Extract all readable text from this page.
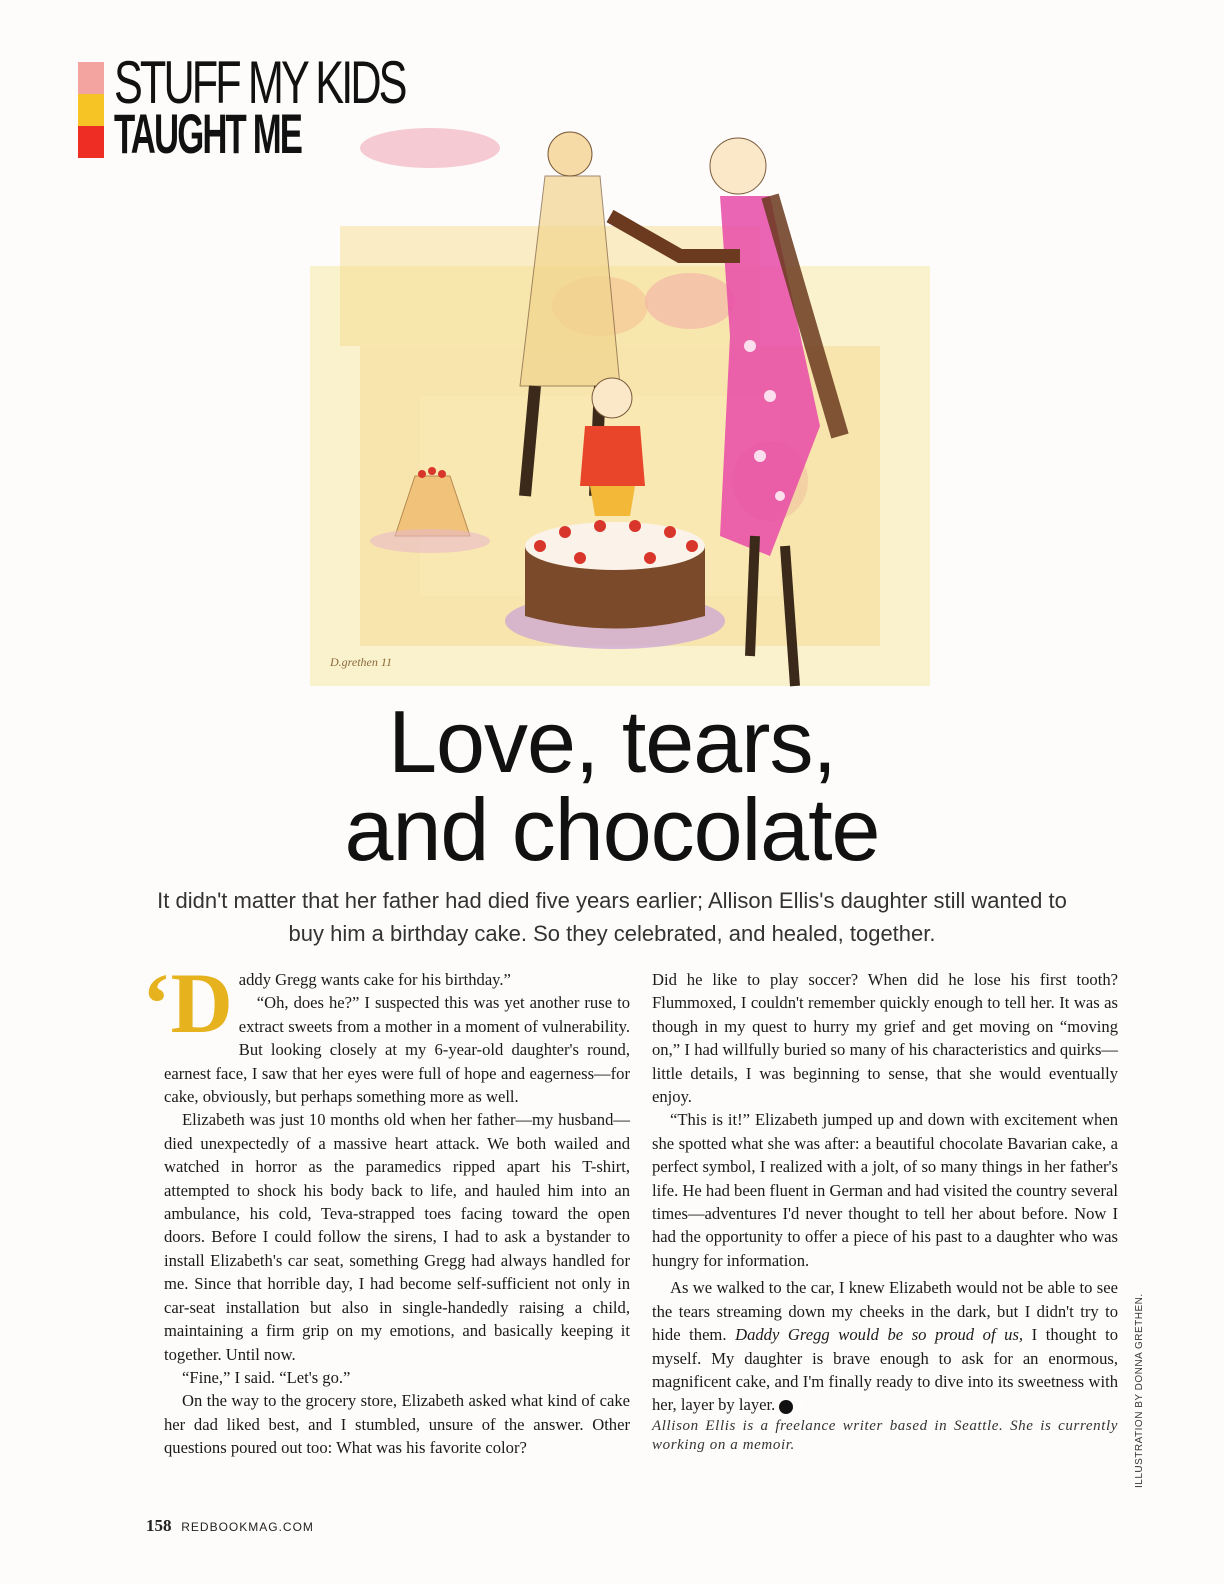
STUFF MY KIDS
TAUGHT ME
D.grethen 11
Love, tears,
and chocolate
It didn't matter that her father had died five years earlier; Allison Ellis's daughter still wanted to buy him a birthday cake. So they celebrated, and healed, together.
‘D addy Gregg wants cake for his birthday.”

“Oh, does he?” I suspected this was yet another ruse to extract sweets from a mother in a moment of vulnerability. But looking closely at my 6-year-old daughter's round, earnest face, I saw that her eyes were full of hope and eagerness—for cake, obviously, but perhaps something more as well.

Elizabeth was just 10 months old when her father—my husband—died unexpectedly of a massive heart attack. We both wailed and watched in horror as the paramedics ripped apart his T-shirt, attempted to shock his body back to life, and hauled him into an ambulance, his cold, Teva-strapped toes facing toward the open doors. Before I could follow the sirens, I had to ask a bystander to install Elizabeth's car seat, something Gregg had always handled for me. Since that horrible day, I had become self-sufficient not only in car-seat installation but also in single-handedly raising a child, maintaining a firm grip on my emotions, and basically keeping it together. Until now.

“Fine,” I said. “Let's go.”

On the way to the grocery store, Elizabeth asked what kind of cake her dad liked best, and I stumbled, unsure of the answer. Other questions poured out too: What was his favorite color?

Did he like to play soccer? When did he lose his first tooth? Flummoxed, I couldn't remember quickly enough to tell her. It was as though in my quest to hurry my grief and get moving on “moving on,” I had willfully buried so many of his characteristics and quirks—little details, I was beginning to sense, that she would eventually enjoy.

“This is it!” Elizabeth jumped up and down with excitement when she spotted what she was after: a beautiful chocolate Bavarian cake, a perfect symbol, I realized with a jolt, of so many things in her father's life. He had been fluent in German and had visited the country several times—adventures I'd never thought to tell her about before. Now I had the opportunity to offer a piece of his past to a daughter who was hungry for information.

As we walked to the car, I knew Elizabeth would not be able to see the tears streaming down my cheeks in the dark, but I didn't try to hide them. Daddy Gregg would be so proud of us, I thought to myself. My daughter is brave enough to ask for an enormous, magnificent cake, and I'm finally ready to dive into its sweetness with her, layer by layer. R

Allison Ellis is a freelance writer based in Seattle. She is currently working on a memoir.	ILLUSTRATION BY DONNA GRETHEN.
158 REDBOOKMAG.COM
